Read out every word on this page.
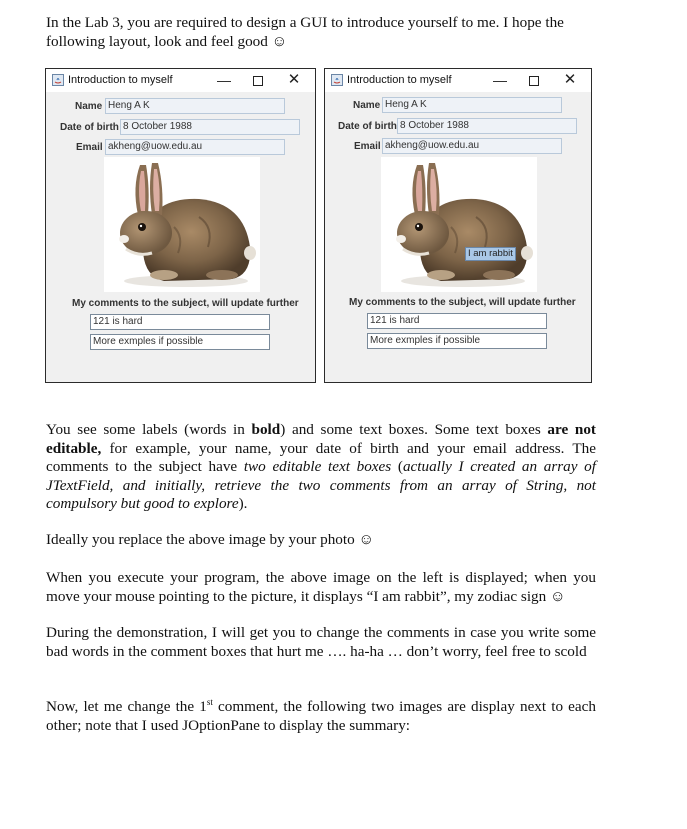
In the Lab 3, you are required to design a GUI to introduce yourself to me. I hope the
following layout, look and feel good ☺

Introduction to myself	—	✕
Name Heng A K
Date of birth 8 October 1988
Email akheng@uow.edu.au
My comments to the subject, will update further
121 is hard
More exmples if possible
Introduction to myself	—	✕
Name Heng A K
Date of birth 8 October 1988
Email akheng@uow.edu.au
I am rabbit
My comments to the subject, will update further
121 is hard
More exmples if possible

You see some labels (words in bold) and some text boxes. Some text boxes are not editable, for example, your name, your date of birth and your email address. The comments to the subject have two editable text boxes (actually I created an array of JTextField, and initially, retrieve the two comments from an array of String, not compulsory but good to explore).

Ideally you replace the above image by your photo ☺

When you execute your program, the above image on the left is displayed; when you move your mouse pointing to the picture, it displays “I am rabbit”, my zodiac sign ☺

During the demonstration, I will get you to change the comments in case you write some bad words in the comment boxes that hurt me …. ha-ha … don’t worry, feel free to scold

Now, let me change the 1st comment, the following two images are display next to each other; note that I used JOptionPane to display the summary:
